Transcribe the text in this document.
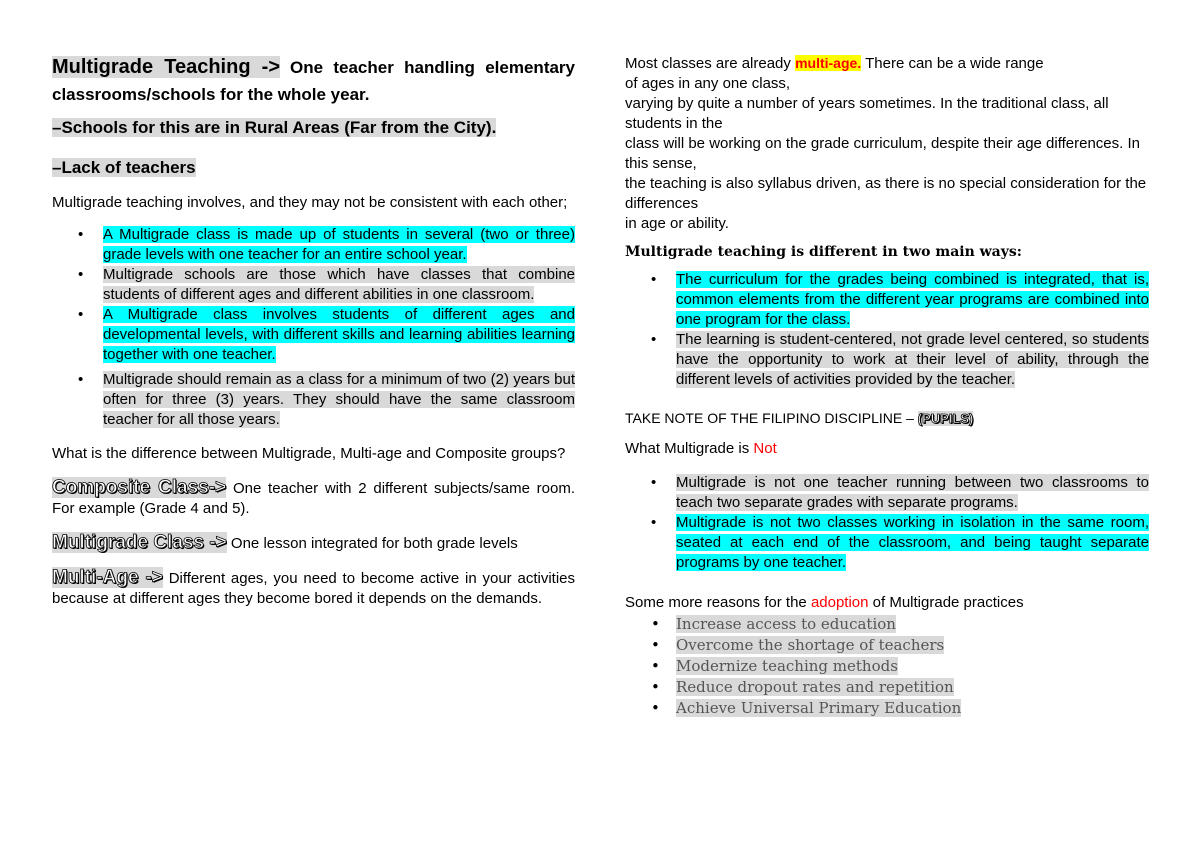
Multigrade Teaching -> One teacher handling elementary classrooms/schools for the whole year.
–Schools for this are in Rural Areas (Far from the City).
–Lack of teachers
Multigrade teaching involves, and they may not be consistent with each other;
• A Multigrade class is made up of students in several (two or three) grade levels with one teacher for an entire school year.
• Multigrade schools are those which have classes that combine students of different ages and different abilities in one classroom.
• A Multigrade class involves students of different ages and developmental levels, with different skills and learning abilities learning together with one teacher.
• Multigrade should remain as a class for a minimum of two (2) years but often for three (3) years. They should have the same classroom teacher for all those years.
What is the difference between Multigrade, Multi-age and Composite groups?
Composite Class-> One teacher with 2 different subjects/same room. For example (Grade 4 and 5).
Multigrade Class -> One lesson integrated for both grade levels
Multi-Age -> Different ages, you need to become active in your activities because at different ages they become bored it depends on the demands.
Most classes are already multi-age. There can be a wide range
of ages in any one class,
varying by quite a number of years sometimes. In the traditional class, all students in the
class will be working on the grade curriculum, despite their age differences. In this sense,
the teaching is also syllabus driven, as there is no special consideration for the differences
in age or ability.
Multigrade teaching is different in two main ways:
• The curriculum for the grades being combined is integrated, that is, common elements from the different year programs are combined into one program for the class.
• The learning is student-centered, not grade level centered, so students have the opportunity to work at their level of ability, through the different levels of activities provided by the teacher.
TAKE NOTE OF THE FILIPINO DISCIPLINE – (PUPILS)
What Multigrade is Not
• Multigrade is not one teacher running between two classrooms to teach two separate grades with separate programs.
• Multigrade is not two classes working in isolation in the same room, seated at each end of the classroom, and being taught separate programs by one teacher.
Some more reasons for the adoption of Multigrade practices
• Increase access to education
• Overcome the shortage of teachers
• Modernize teaching methods
• Reduce dropout rates and repetition
• Achieve Universal Primary Education
